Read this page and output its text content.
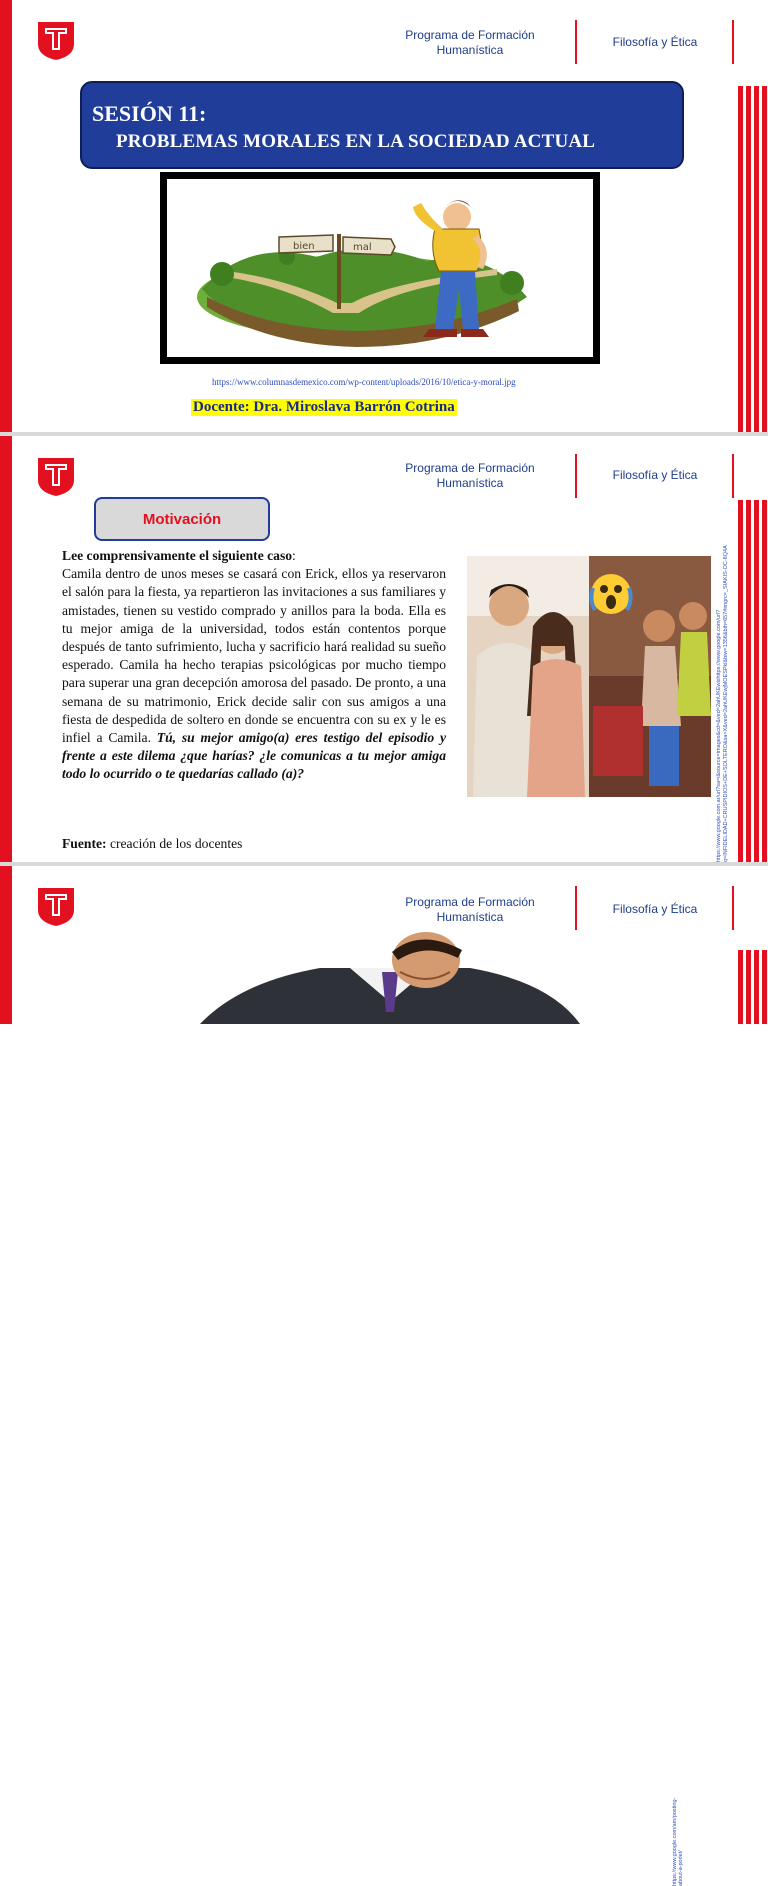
Programa de Formación
Humanística
Filosofía y Ética
SESIÓN 11:
PROBLEMAS MORALES EN LA SOCIEDAD ACTUAL
bien	mal
https://www.columnasdemexico.com/wp-content/uploads/2016/10/etica-y-moral.jpg
Docente: Dra. Miroslava Barrón Cotrina
Programa de Formación
Humanística
Filosofía y Ética
Motivación
Lee comprensivamente el siguiente caso:
Camila dentro de unos meses se casará con Erick, ellos ya reservaron el salón para la fiesta, ya repartieron las invitaciones a sus familiares y amistades, tienen su vestido comprado y anillos para la boda. Ella es tu mejor amiga de la universidad, todos están contentos porque después de tanto sufrimiento, lucha y sacrificio hará realidad su sueño esperado. Camila ha hecho terapias psicológicas por mucho tiempo para superar una gran decepción amorosa del pasado. De pronto, a una semana de su matrimonio, Erick decide salir con sus amigos a una fiesta de despedida de soltero en donde se encuentra con su ex y le es infiel a Camila. Tú, su mejor amigo(a) eres testigo del episodio y frente a este dilema ¿que harías? ¿le comunicas a tu mejor amiga todo lo ocurrido o te quedarías callado (a)?
Fuente: creación de los docentes	https://www.google.com.ar/url?sa=i&source=images&cd=&ved=2ahUKEwixhttps://www.google.com/url?q=INFIDELIDAD+CRUSPIDIOS+DE+SOLTERO&sa=X&ved=2ahUKEwjMOESPkl&biw=1356&bih=657#imgrc=_SIAKIS-OC-8Q4A
Programa de Formación
Humanística
Filosofía y Ética
https://www.google.com/am/posting-about-a-porlet/
